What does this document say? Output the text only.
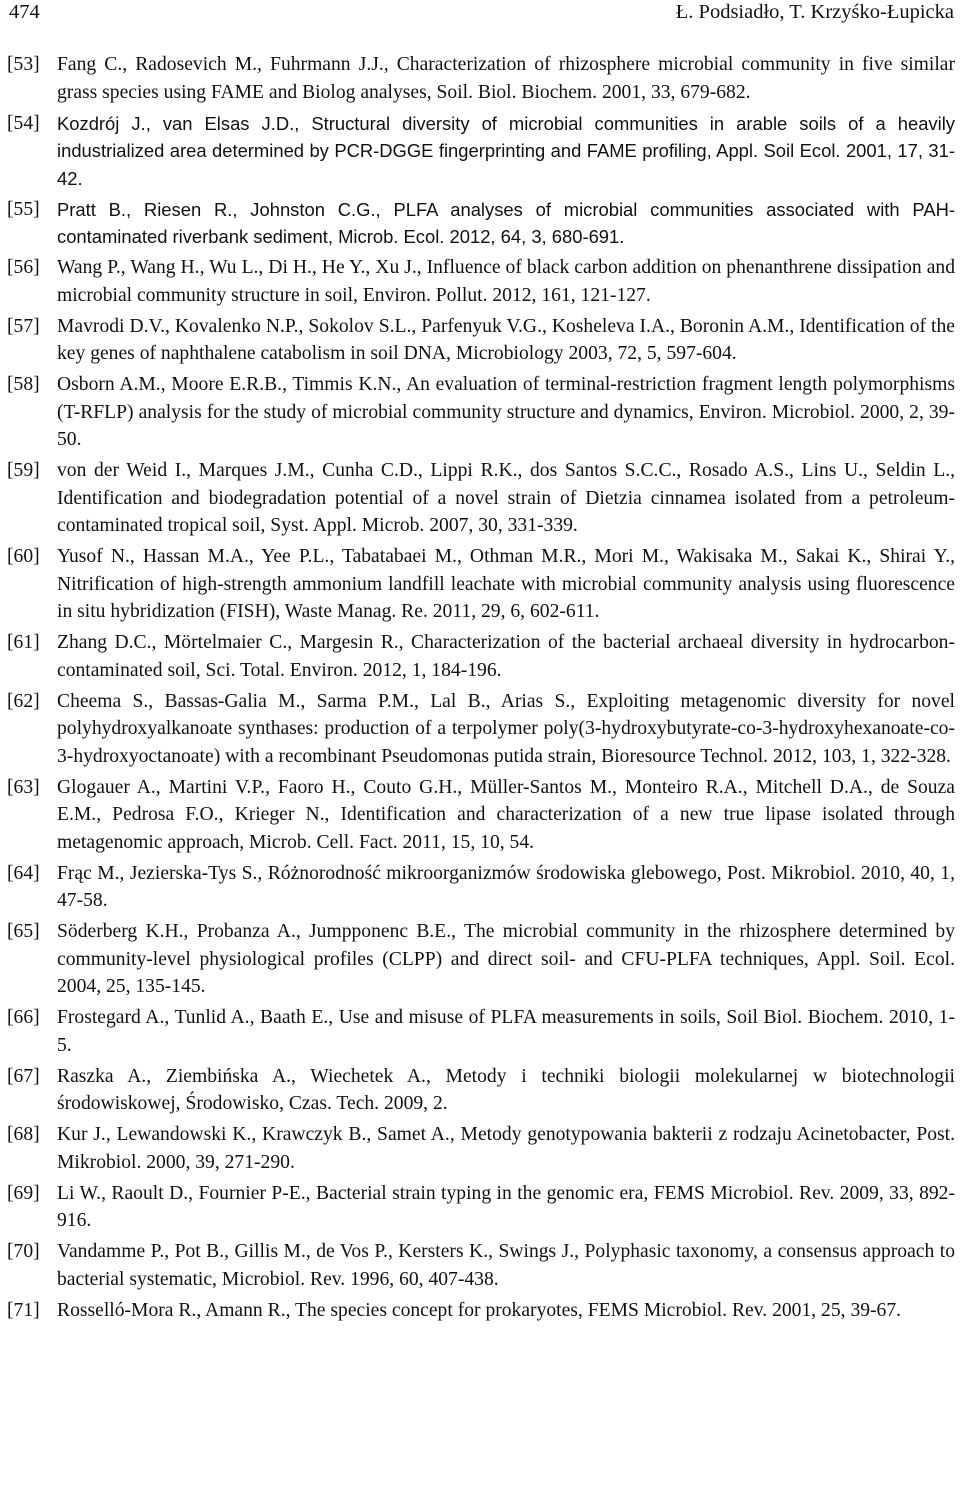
474	Ł. Podsiadło, T. Krzyśko-Łupicka
[53] Fang C., Radosevich M., Fuhrmann J.J., Characterization of rhizosphere microbial community in five similar grass species using FAME and Biolog analyses, Soil. Biol. Biochem. 2001, 33, 679-682.
[54] Kozdrój J., van Elsas J.D., Structural diversity of microbial communities in arable soils of a heavily industrialized area determined by PCR-DGGE fingerprinting and FAME profiling, Appl. Soil Ecol. 2001, 17, 31-42.
[55] Pratt B., Riesen R., Johnston C.G., PLFA analyses of microbial communities associated with PAH-contaminated riverbank sediment, Microb. Ecol. 2012, 64, 3, 680-691.
[56] Wang P., Wang H., Wu L., Di H., He Y., Xu J., Influence of black carbon addition on phenanthrene dissipation and microbial community structure in soil, Environ. Pollut. 2012, 161, 121-127.
[57] Mavrodi D.V., Kovalenko N.P., Sokolov S.L., Parfenyuk V.G., Kosheleva I.A., Boronin A.M., Identification of the key genes of naphthalene catabolism in soil DNA, Microbiology 2003, 72, 5, 597-604.
[58] Osborn A.M., Moore E.R.B., Timmis K.N., An evaluation of terminal-restriction fragment length polymorphisms (T-RFLP) analysis for the study of microbial community structure and dynamics, Environ. Microbiol. 2000, 2, 39-50.
[59] von der Weid I., Marques J.M., Cunha C.D., Lippi R.K., dos Santos S.C.C., Rosado A.S., Lins U., Seldin L., Identification and biodegradation potential of a novel strain of Dietzia cinnamea isolated from a petroleum-contaminated tropical soil, Syst. Appl. Microb. 2007, 30, 331-339.
[60] Yusof N., Hassan M.A., Yee P.L., Tabatabaei M., Othman M.R., Mori M., Wakisaka M., Sakai K., Shirai Y., Nitrification of high-strength ammonium landfill leachate with microbial community analysis using fluorescence in situ hybridization (FISH), Waste Manag. Re. 2011, 29, 6, 602-611.
[61] Zhang D.C., Mörtelmaier C., Margesin R., Characterization of the bacterial archaeal diversity in hydrocarbon-contaminated soil, Sci. Total. Environ. 2012, 1, 184-196.
[62] Cheema S., Bassas-Galia M., Sarma P.M., Lal B., Arias S., Exploiting metagenomic diversity for novel polyhydroxyalkanoate synthases: production of a terpolymer poly(3-hydroxybutyrate-co-3-hydroxyhexanoate-co-3-hydroxyoctanoate) with a recombinant Pseudomonas putida strain, Bioresource Technol. 2012, 103, 1, 322-328.
[63] Glogauer A., Martini V.P., Faoro H., Couto G.H., Müller-Santos M., Monteiro R.A., Mitchell D.A., de Souza E.M., Pedrosa F.O., Krieger N., Identification and characterization of a new true lipase isolated through metagenomic approach, Microb. Cell. Fact. 2011, 15, 10, 54.
[64] Frąc M., Jezierska-Tys S., Różnorodność mikroorganizmów środowiska glebowego, Post. Mikrobiol. 2010, 40, 1, 47-58.
[65] Söderberg K.H., Probanza A., Jumpponenc B.E., The microbial community in the rhizosphere determined by community-level physiological profiles (CLPP) and direct soil- and CFU-PLFA techniques, Appl. Soil. Ecol. 2004, 25, 135-145.
[66] Frostegard A., Tunlid A., Baath E., Use and misuse of PLFA measurements in soils, Soil Biol. Biochem. 2010, 1-5.
[67] Raszka A., Ziembińska A., Wiechetek A., Metody i techniki biologii molekularnej w biotechnologii środowiskowej, Środowisko, Czas. Tech. 2009, 2.
[68] Kur J., Lewandowski K., Krawczyk B., Samet A., Metody genotypowania bakterii z rodzaju Acinetobacter, Post. Mikrobiol. 2000, 39, 271-290.
[69] Li W., Raoult D., Fournier P-E., Bacterial strain typing in the genomic era, FEMS Microbiol. Rev. 2009, 33, 892-916.
[70] Vandamme P., Pot B., Gillis M., de Vos P., Kersters K., Swings J., Polyphasic taxonomy, a consensus approach to bacterial systematic, Microbiol. Rev. 1996, 60, 407-438.
[71] Rosselló-Mora R., Amann R., The species concept for prokaryotes, FEMS Microbiol. Rev. 2001, 25, 39-67.
